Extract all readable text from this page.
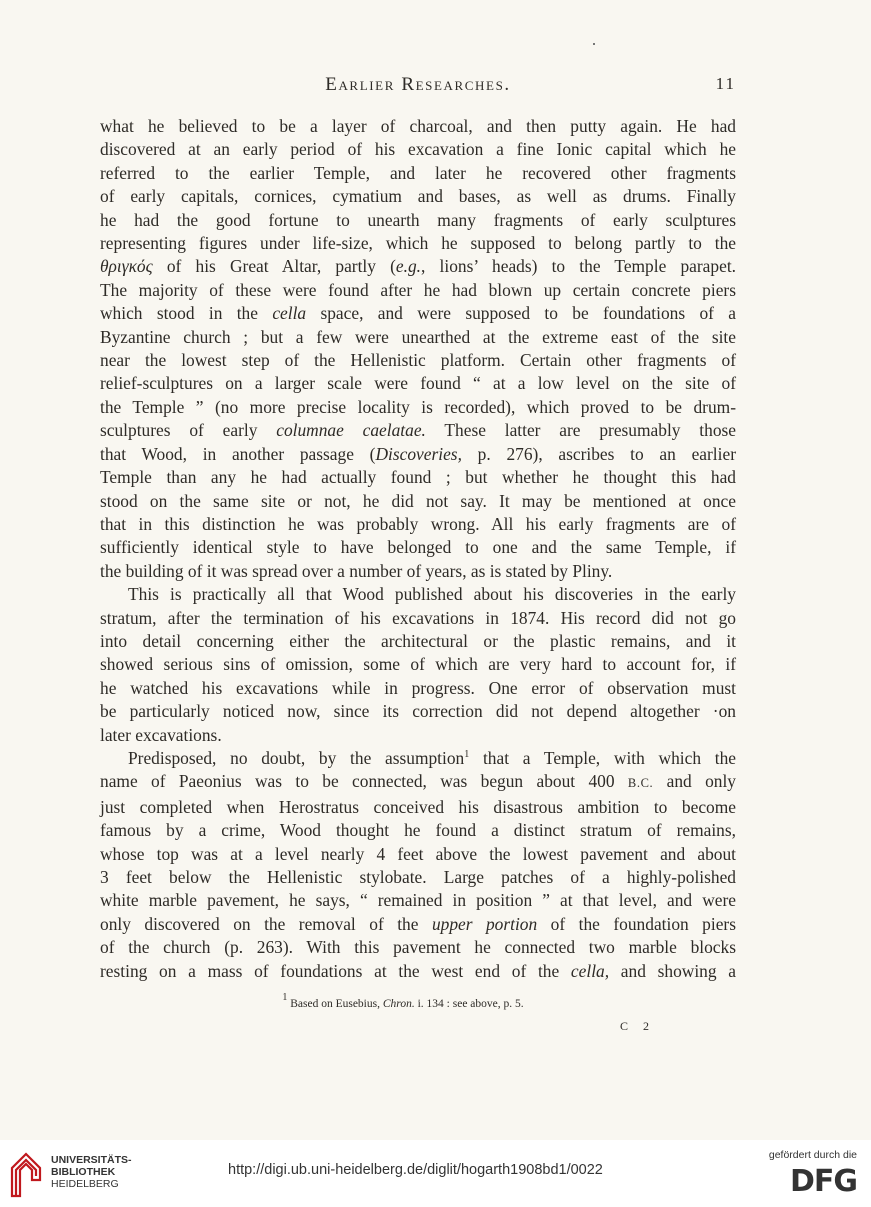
Earlier Researches.	11

what he believed to be a layer of charcoal, and then putty again. He had

discovered at an early period of his excavation a fine Ionic capital which he

referred to the earlier Temple, and later he recovered other fragments

of early capitals, cornices, cymatium and bases, as well as drums. Finally

he had the good fortune to unearth many fragments of early sculptures

representing figures under life-size, which he supposed to belong partly to the

θριγκός of his Great Altar, partly (e.g., lions’ heads) to the Temple parapet.

The majority of these were found after he had blown up certain concrete piers

which stood in the cella space, and were supposed to be foundations of a

Byzantine church ; but a few were unearthed at the extreme east of the site

near the lowest step of the Hellenistic platform. Certain other fragments of

relief-sculptures on a larger scale were found “ at a low level on the site of

the Temple ” (no more precise locality is recorded), which proved to be drum-

sculptures of early columnae caelatae. These latter are presumably those

that Wood, in another passage (Discoveries, p. 276), ascribes to an earlier

Temple than any he had actually found ; but whether he thought this had

stood on the same site or not, he did not say. It may be mentioned at once

that in this distinction he was probably wrong. All his early fragments are of

sufficiently identical style to have belonged to one and the same Temple, if

the building of it was spread over a number of years, as is stated by Pliny.

This is practically all that Wood published about his discoveries in the early

stratum, after the termination of his excavations in 1874. His record did not go

into detail concerning either the architectural or the plastic remains, and it

showed serious sins of omission, some of which are very hard to account for, if

he watched his excavations while in progress. One error of observation must

be particularly noticed now, since its correction did not depend altogether ·on

later excavations.

Predisposed, no doubt, by the assumption$^1$ that a Temple, with which the

name of Paeonius was to be connected, was begun about 400 B.C. and only

just completed when Herostratus conceived his disastrous ambition to become

famous by a crime, Wood thought he found a distinct stratum of remains,

whose top was at a level nearly 4 feet above the lowest pavement and about

3 feet below the Hellenistic stylobate. Large patches of a highly-polished

white marble pavement, he says, “ remained in position ” at that level, and were

only discovered on the removal of the upper portion of the foundation piers

of the church (p. 263). With this pavement he connected two marble blocks

resting on a mass of foundations at the west end of the cella, and showing a

$^1$ Based on Eusebius, Chron. i. 134 : see above, p. 5.
C 2
UNIVERSITÄTS-
BIBLIOTHEK
HEIDELBERG
http://digi.ub.uni-heidelberg.de/diglit/hogarth1908bd1/0022
gefördert durch die
DFG
